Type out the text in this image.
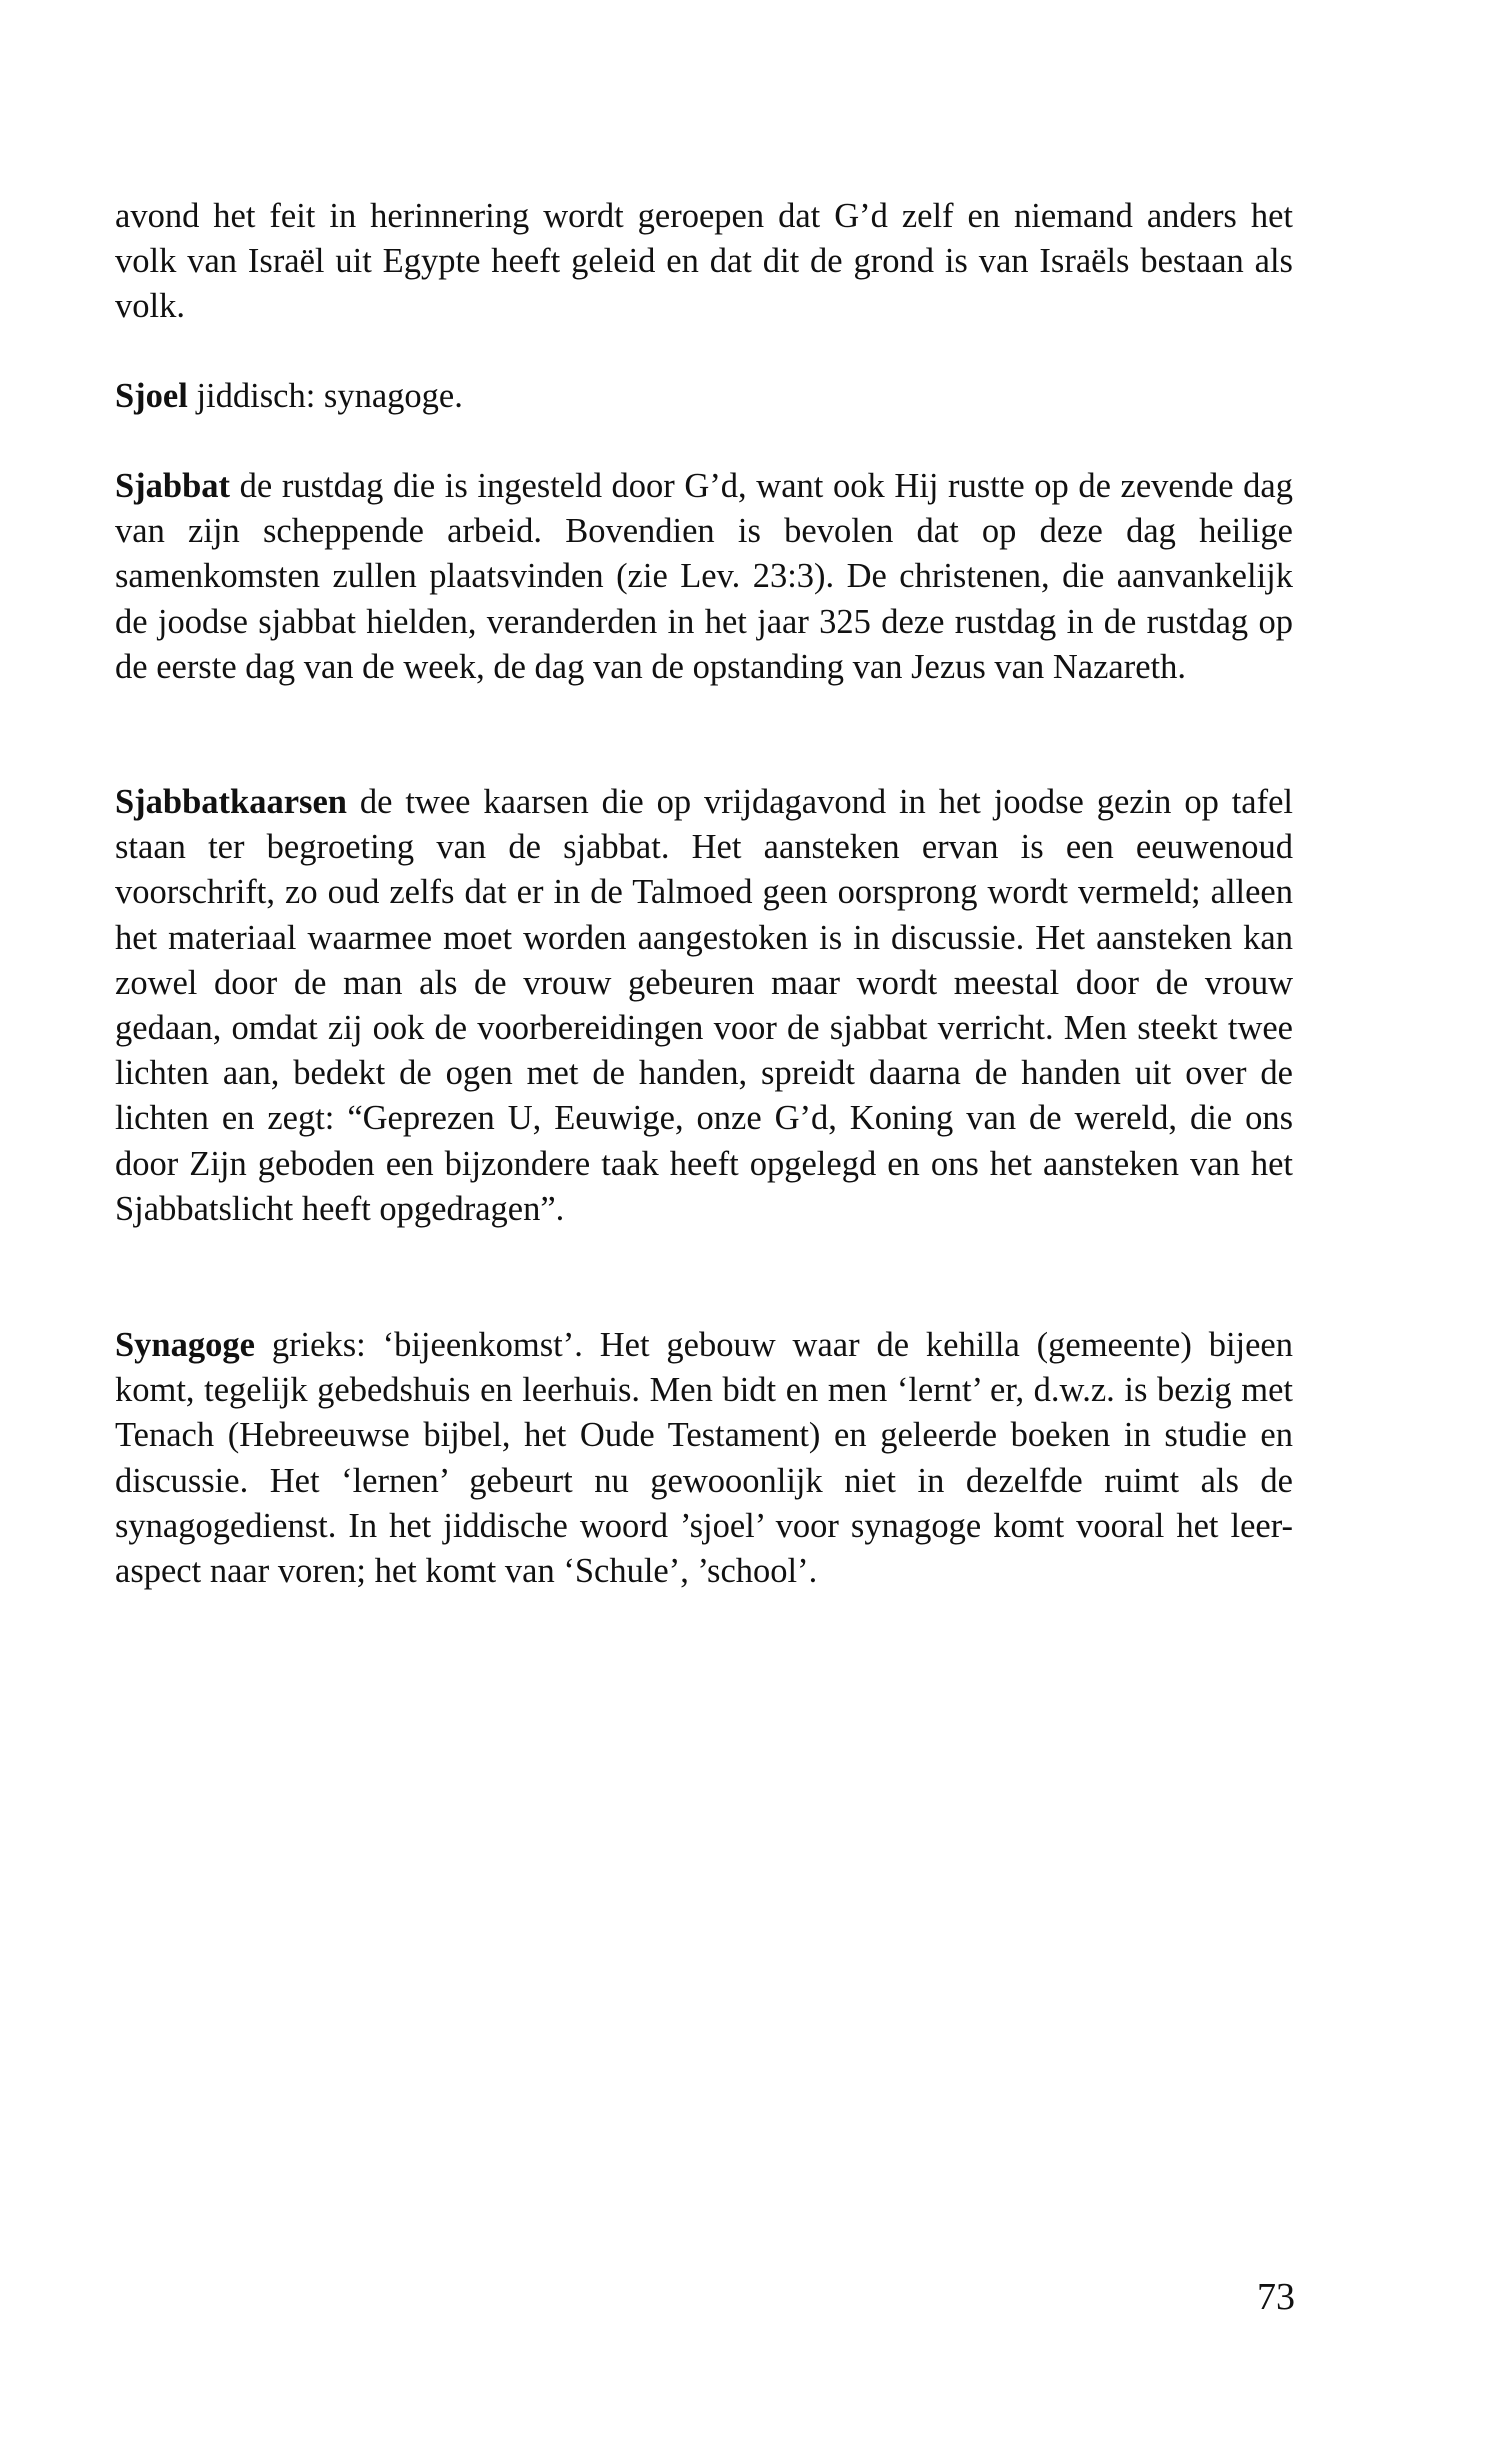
avond het feit in herinnering wordt geroepen dat G’d zelf en niemand anders het volk van Israël uit Egypte heeft geleid en dat dit de grond is van Israëls bestaan als volk.

Sjoel jiddisch: synagoge.

Sjabbat de rustdag die is ingesteld door G’d, want ook Hij rustte op de zevende dag van zijn scheppende arbeid. Bovendien is bevolen dat op deze dag heilige samenkomsten zullen plaatsvinden (zie Lev. 23:3). De christenen, die aanvankelijk de joodse sjabbat hielden, veranderden in het jaar 325 deze rustdag in de rustdag op de eerste dag van de week, de dag van de opstanding van Jezus van Nazareth.

Sjabbatkaarsen de twee kaarsen die op vrijdagavond in het joodse gezin op tafel staan ter begroeting van de sjabbat. Het aansteken ervan is een eeuwenoud voorschrift, zo oud zelfs dat er in de Talmoed geen oorsprong wordt vermeld; alleen het materiaal waarmee moet worden aangestoken is in discussie. Het aansteken kan zowel door de man als de vrouw gebeuren maar wordt meestal door de vrouw gedaan, omdat zij ook de voorbereidingen voor de sjabbat verricht. Men steekt twee lichten aan, bedekt de ogen met de handen, spreidt daarna de handen uit over de lichten en zegt: “Geprezen U, Eeuwige, onze G’d, Koning van de wereld, die ons door Zijn geboden een bijzondere taak heeft opgelegd en ons het aansteken van het Sjabbatslicht heeft opgedragen”.

Synagoge grieks: ‘bijeenkomst’. Het gebouw waar de kehilla (gemeente) bijeen komt, tegelijk gebedshuis en leerhuis. Men bidt en men ‘lernt’ er, d.w.z. is bezig met Tenach (Hebreeuwse bijbel, het Oude Testament) en geleerde boeken in studie en discussie. Het ‘lernen’ gebeurt nu gewooonlijk niet in dezelfde ruimt als de synagogedienst. In het jiddische woord ’sjoel’ voor synagoge komt vooral het leer-aspect naar voren; het komt van ‘Schule’, ’school’.

73
